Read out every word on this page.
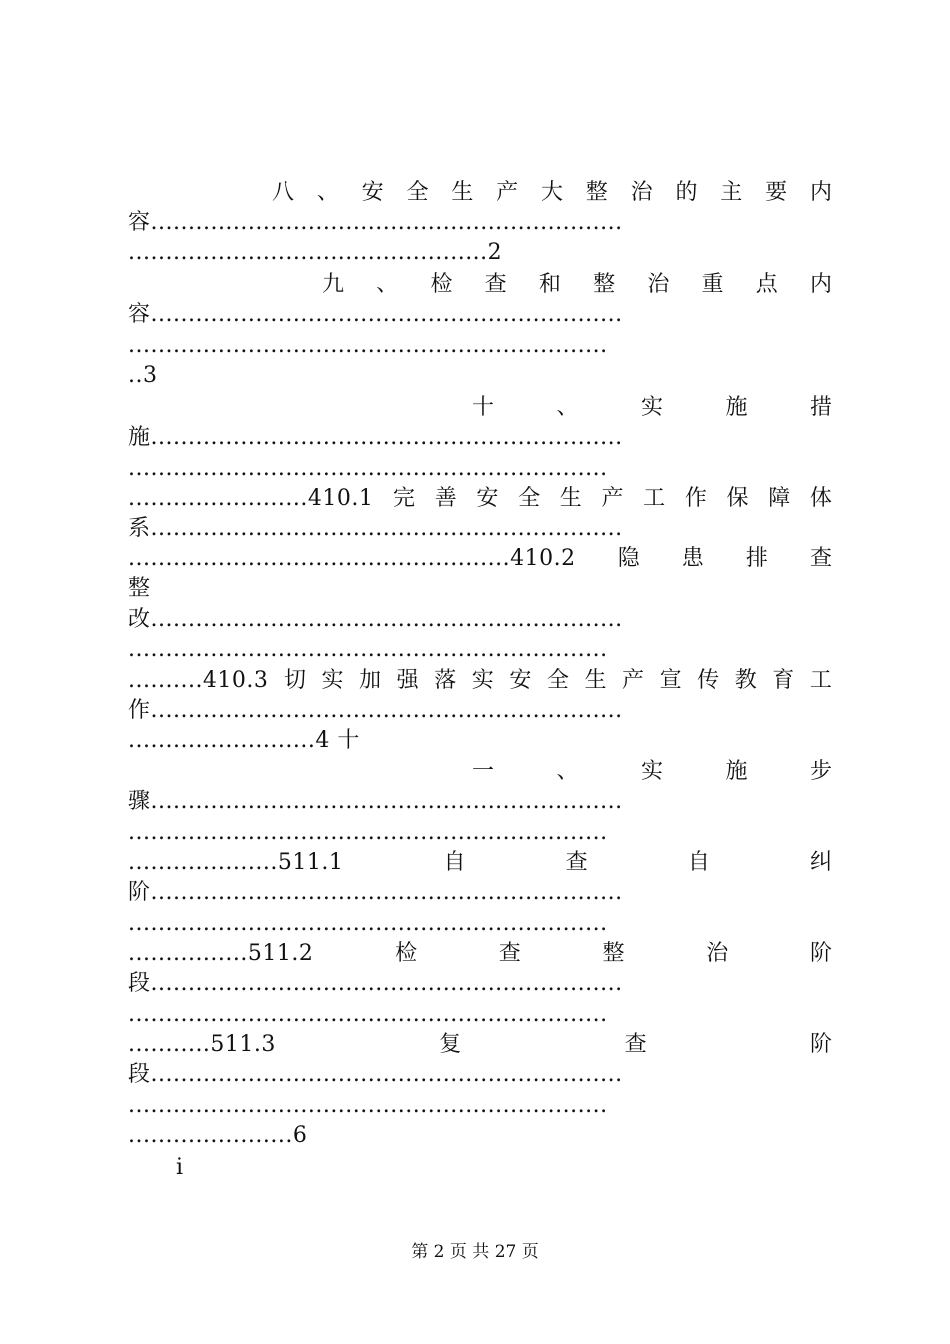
八 、 安 全 生 产 大 整 治 的 主 要 内
容...............................................................
................................................2
九 、 检 查 和 整 治 重 点 内
容...............................................................
................................................................
..3
十	、	实	施	措
施...............................................................
................................................................
........................410.1 完 善 安 全 生 产 工 作 保 障 体
系...............................................................
...................................................410.2 隐 患 排 查
整
改...............................................................
................................................................
..........410.3 切 实 加 强 落 实 安 全 生 产 宣 传 教 育 工
作...............................................................
.........................4 十
一	、	实	施	步
骤...............................................................
................................................................
....................511.1	自	查	自	纠
阶...............................................................
................................................................
................511.2	检	查	整	治	阶
段...............................................................
................................................................
...........511.3	复	查	阶
段...............................................................
................................................................
......................6
i
第 2 页 共 27 页
